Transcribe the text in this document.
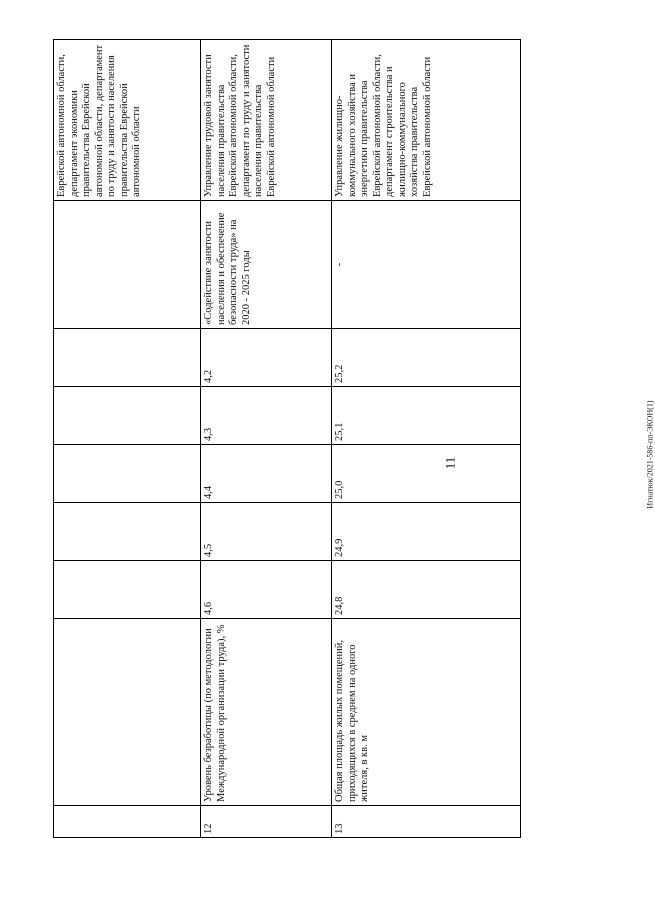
11	Игнатюк/2021-586-пп-ЭКОН(1)
								Еврейской автономной области, департамент экономики правительства Еврейской автономной области, департамент по труду и занятости населения правительства Еврейской автономной области
12	Уровень безработицы (по методологии Международной организации труда), %	4,6	4,5	4,4	4,3	4,2	«Содействие занятости населения и обеспечение безопасности труда» на 2020 - 2025 годы	Управление трудовой занятости населения правительства Еврейской автономной области, департамент по труду и занятости населения правительства Еврейской автономной области
13	Общая площадь жилых помещений, приходящихся в среднем на одного жителя, в кв. м	24,8	24,9	25,0	25,1	25,2	-	Управление жилищно-коммунального хозяйства и энергетики правительства Еврейской автономной области, департамент строительства и жилищно-коммунального хозяйства правительства Еврейской автономной области
